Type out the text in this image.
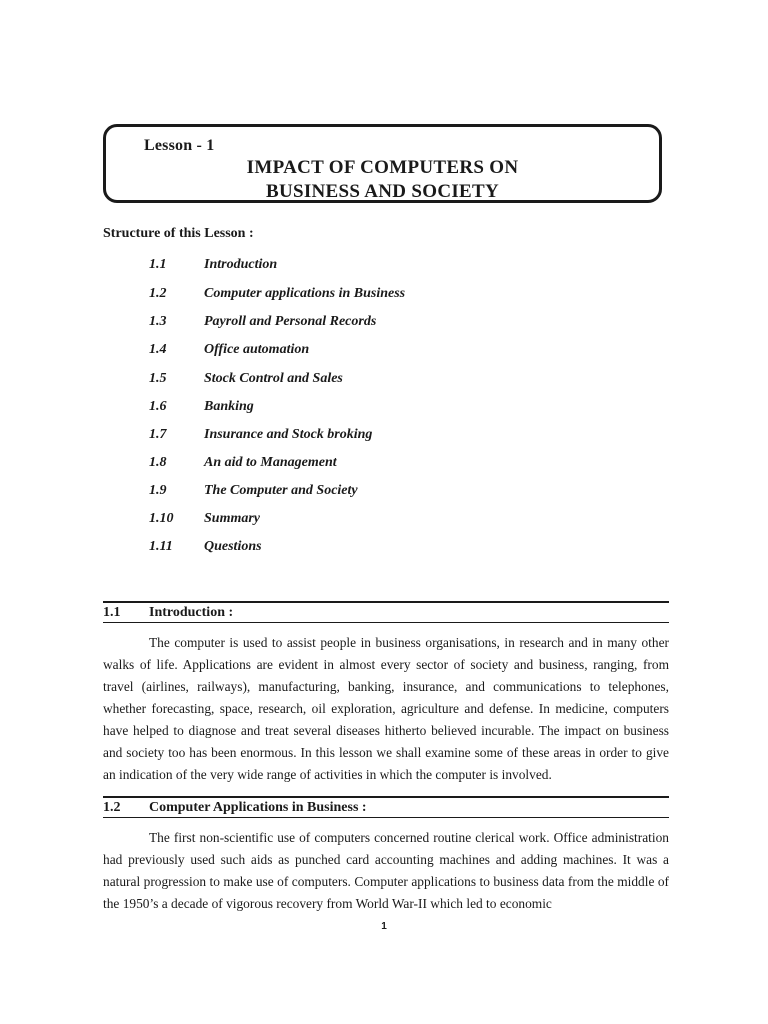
Lesson - 1
IMPACT OF COMPUTERS ON
BUSINESS AND SOCIETY
Structure of this Lesson :
1.1	Introduction
1.2	Computer applications in Business
1.3	Payroll and Personal Records
1.4	Office automation
1.5	Stock Control and Sales
1.6	Banking
1.7	Insurance and Stock broking
1.8	An aid to Management
1.9	The Computer and Society
1.10 Summary
1.11 Questions
1.1 Introduction :

The computer is used to assist people in business organisations, in research and in many other walks of life. Applications are evident in almost every sector of society and business, ranging, from travel (airlines, railways), manufacturing, banking, insurance, and communications to telephones, whether forecasting, space, research, oil exploration, agriculture and defense. In medicine, computers have helped to diagnose and treat several diseases hitherto believed incurable. The impact on business and society too has been enormous. In this lesson we shall examine some of these areas in order to give an indication of the very wide range of activities in which the computer is involved.

1.2 Computer Applications in Business :

The first non-scientific use of computers concerned routine clerical work. Office administration had previously used such aids as punched card accounting machines and adding machines. It was a natural progression to make use of computers. Computer applications to business data from the middle of the 1950’s a decade of vigorous recovery from World War-II which led to economic

1
